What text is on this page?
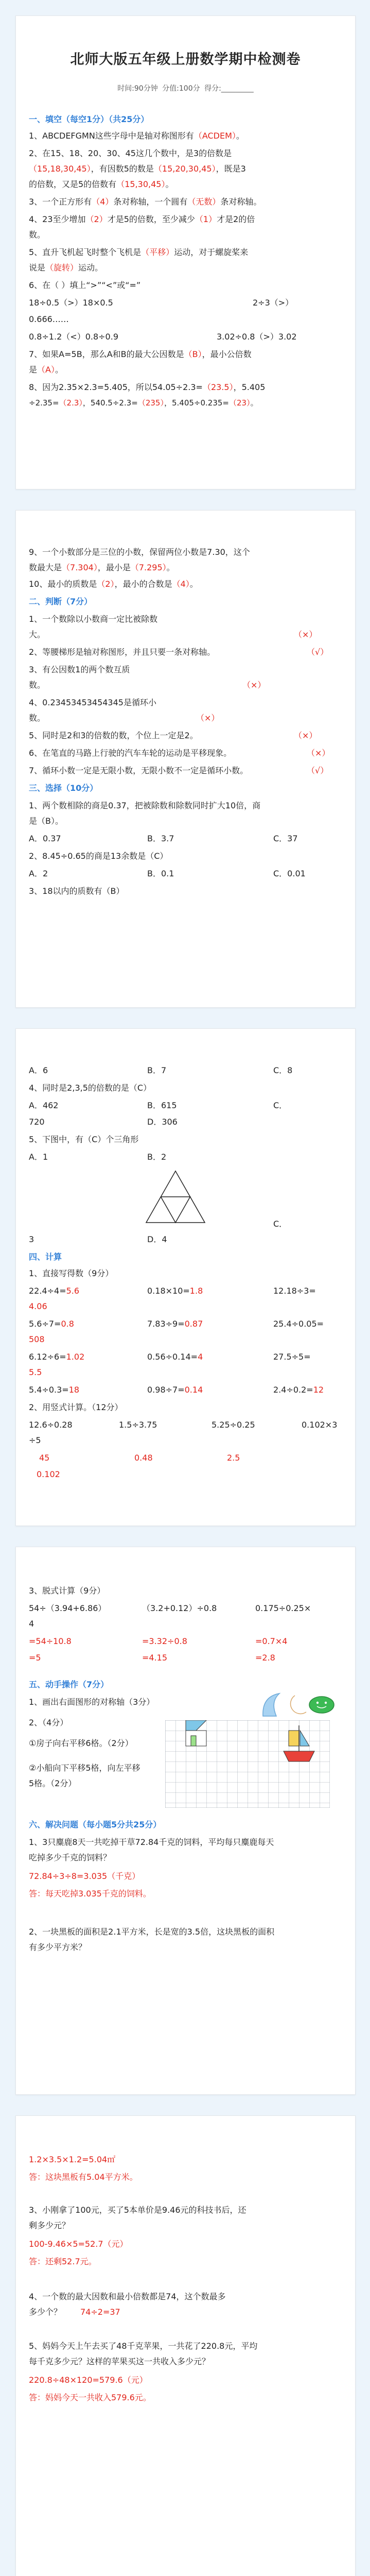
北师大版五年级上册数学期中检测卷
时间:90分钟 分值:100分 得分:_________
一、填空（每空1分）（共25分）
1、ABCDEFGMN这些字母中是轴对称图形有（ACDEM）。
2、在15、18、20、30、45这几个数中，是3的倍数是
（15,18,30,45），有因数5的数是（15,20,30,45），既是3
的倍数，又是5的倍数有（15,30,45）。
3、一个正方形有（4）条对称轴，一个圆有（无数）条对称轴。
4、23至少增加（2）才是5的倍数，至少减少（1）才是2的倍
数。
5、直升飞机起飞时整个飞机是（平移）运动，对于螺旋桨来
说是（旋转）运动。
6、在（ ）填上“>”“<”或“=”
18÷0.5（>）18×0.5	2÷3（>）
0.666……
0.8÷1.2（<）0.8÷0.9	3.02÷0.8（>）3.02
7、如果A=5B，那么A和B的最大公因数是（B），最小公倍数
是（A）。
8、因为2.35×2.3=5.405，所以54.05÷2.3=（23.5），5.405
÷2.35=（2.3），540.5÷2.3=（235），5.405÷0.235=（23）。
9、一个小数部分是三位的小数，保留两位小数是7.30，这个
数最大是（7.304），最小是（7.295）。
10、最小的质数是（2），最小的合数是（4）。
二、判断（7分）
1、一个数除以小数商一定比被除数
大。	（×）
2、等腰梯形是轴对称图形，并且只要一条对称轴。	（√）
3、有公因数1的两个数互质
数。	（×）
4、0.23453453454345是循环小
数。	（×）
5、同时是2和3的倍数的数，个位上一定是2。	（×）
6、在笔直的马路上行驶的汽车车轮的运动是平移现象。	（×）
7、循环小数一定是无限小数，无限小数不一定是循环小数。	（√）
三、选择（10分）
1、两个数相除的商是0.37，把被除数和除数同时扩大10倍，商
是（B）。
A．0.37	B．3.7	C．37
2、8.45÷0.65的商是13余数是（C）
A．2	B．0.1	C．0.01
3、18以内的质数有（B）
A．6	B．7	C．8
4、同时是2,3,5的倍数的是（C）
A．462	B．615	C．
720	D．306
5、下图中，有（C）个三角形
A．1	B．2
C．
3	D．4
四、计算
1、直接写得数（9分）
22.4÷4=5.6	0.18×10=1.8	12.18÷3=
4.06
5.6÷7=0.8	7.83÷9=0.87	25.4÷0.05=
508
6.12÷6=1.02	0.56÷0.14=4	27.5÷5=
5.5
5.4÷0.3=18	0.98÷7=0.14	2.4÷0.2=12
2、用竖式计算。（12分）
12.6÷0.28	1.5÷3.75	5.25÷0.25	0.102×3
÷5
45	0.48	2.5
0.102
3、脱式计算（9分）
54÷（3.94+6.86）	（3.2+0.12）÷0.8	0.175÷0.25×
4
=54÷10.8	=3.32÷0.8	=0.7×4
=5	=4.15	=2.8
五、动手操作（7分）
1、画出右面图形的对称轴（3分）
2、（4分）
①房子向右平移6格。（2分）
②小船向下平移5格，向左平移
5格。（2分）
六、解决问题（每小题5分共25分）
1、3只麋鹿8天一共吃掉干草72.84千克的饲料，平均每只麋鹿每天
吃掉多少千克的饲料？
72.84÷3÷8=3.035（千克）
答：每天吃掉3.035千克的饲料。
2、一块黑板的面积是2.1平方米，长是宽的3.5倍，这块黑板的面积
有多少平方米？
1.2×3.5×1.2=5.04㎡
答：这块黑板有5.04平方米。
3、小刚拿了100元，买了5本单价是9.46元的科技书后，还
剩多少元？
100-9.46×5=52.7（元）
答：还剩52.7元。
4、一个数的最大因数和最小倍数都是74，这个数最多
多少个？ 74÷2=37
5、妈妈今天上午去买了48千克苹果，一共花了220.8元，平均
每千克多少元？这样的苹果买这一共收入多少元？
220.8÷48×120=579.6（元）
答：妈妈今天一共收入579.6元。
